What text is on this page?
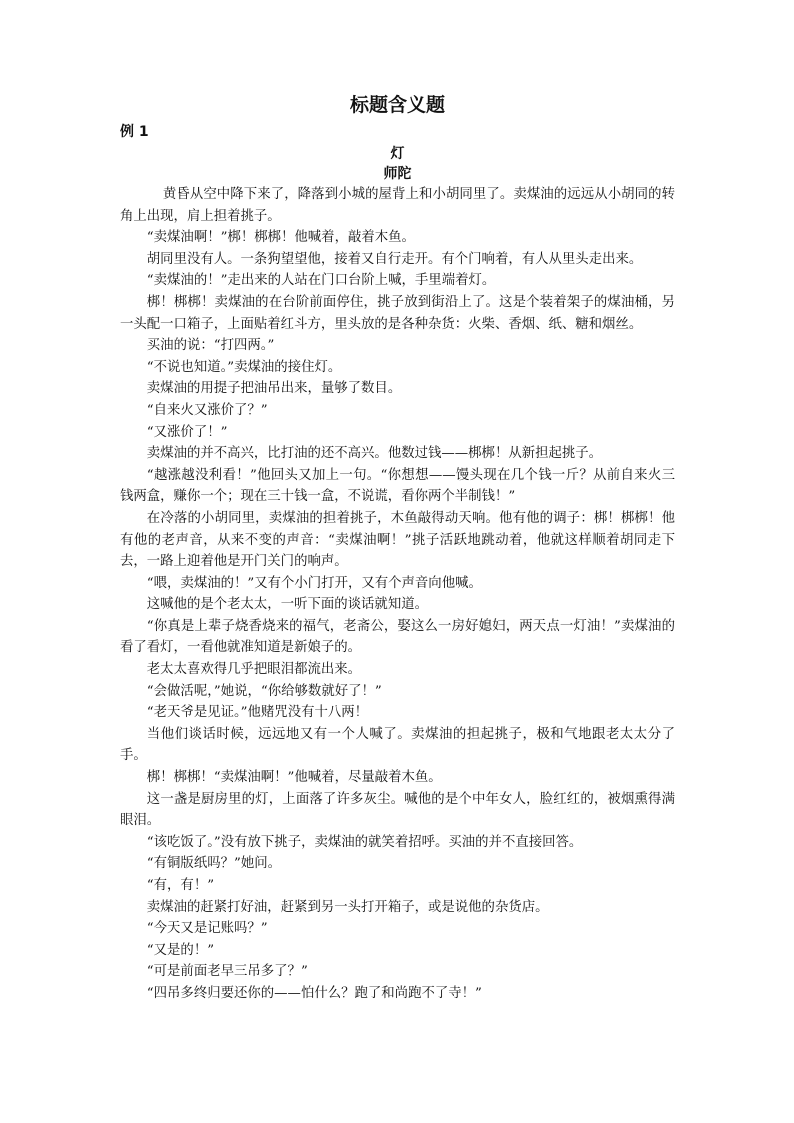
标题含义题

例 1

灯

师陀

黄昏从空中降下来了，降落到小城的屋背上和小胡同里了。卖煤油的远远从小胡同的转角上出现，肩上担着挑子。

“卖煤油啊！”梆！梆梆！他喊着，敲着木鱼。

胡同里没有人。一条狗望望他，接着又自行走开。有个门响着，有人从里头走出来。

“卖煤油的！”走出来的人站在门口台阶上喊，手里端着灯。

梆！梆梆！卖煤油的在台阶前面停住，挑子放到街沿上了。这是个装着架子的煤油桶，另一头配一口箱子，上面贴着红斗方，里头放的是各种杂货：火柴、香烟、纸、糖和烟丝。

买油的说：“打四两。”

“不说也知道。”卖煤油的接住灯。

卖煤油的用提子把油吊出来，量够了数目。

“自来火又涨价了？”

“又涨价了！”

卖煤油的并不高兴，比打油的还不高兴。他数过钱——梆梆！从新担起挑子。

“越涨越没利看！”他回头又加上一句。“你想想——馒头现在几个钱一斤？从前自来火三钱两盒，赚你一个；现在三十钱一盒，不说谎，看你两个半制钱！”

在冷落的小胡同里，卖煤油的担着挑子，木鱼敲得动天响。他有他的调子：梆！梆梆！他有他的老声音，从来不变的声音：“卖煤油啊！”挑子活跃地跳动着，他就这样顺着胡同走下去，一路上迎着他是开门关门的响声。

“喂，卖煤油的！”又有个小门打开，又有个声音向他喊。

这喊他的是个老太太，一听下面的谈话就知道。

“你真是上辈子烧香烧来的福气，老斋公，娶这么一房好媳妇，两天点一灯油！”卖煤油的看了看灯，一看他就准知道是新娘子的。

老太太喜欢得几乎把眼泪都流出来。

“会做活呢，”她说，“你给够数就好了！”

“老天爷是见证。”他赌咒没有十八两！

当他们谈话时候，远远地又有一个人喊了。卖煤油的担起挑子，极和气地跟老太太分了手。

梆！梆梆！“卖煤油啊！”他喊着，尽量敲着木鱼。

这一盏是厨房里的灯，上面落了许多灰尘。喊他的是个中年女人，脸红红的，被烟熏得满眼泪。

“该吃饭了。”没有放下挑子，卖煤油的就笑着招呼。买油的并不直接回答。

“有铜版纸吗？”她问。

“有，有！”

卖煤油的赶紧打好油，赶紧到另一头打开箱子，或是说他的杂货店。

“今天又是记账吗？”

“又是的！”

“可是前面老早三吊多了？”

“四吊多终归要还你的——怕什么？跑了和尚跑不了寺！”
